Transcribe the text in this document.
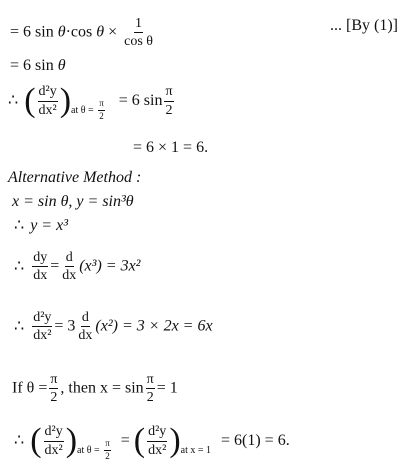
= 6 sin θ·cos $\theta \times \frac{1}{\text{cos θ}}$	... [By (1)]
= 6 sin θ
∴ ( $\frac{\text{d²y}}{\text{dx²}} )_{at \theta = \frac{\pi}{2}} = 6$ $\sin \frac{\pi}{2}$
= 6 × 1 = 6.
Alternative Method :
x = sin θ, y = sin³θ
∴ y = x³
∴ $\frac{dy}{dx} = \frac{d}{dx} (x^3) = 3x^2$
∴ $\frac{\text{d²y}}{\text{dx²}} = 3 \frac{d}{dx} (x^2) = 3 \times 2x = 6x$
If $\theta = \frac{\pi}{2}$ , then $x = \sin \frac{\pi}{2} = 1$
∴ ( $\frac{\text{d²y}}{\text{dx²}} )_{at \theta = \frac{\pi}{2}}$ = ( $\frac{\text{d²y}}{\text{dx²}} )_{at x = 1} = 6(1) = 6$.
